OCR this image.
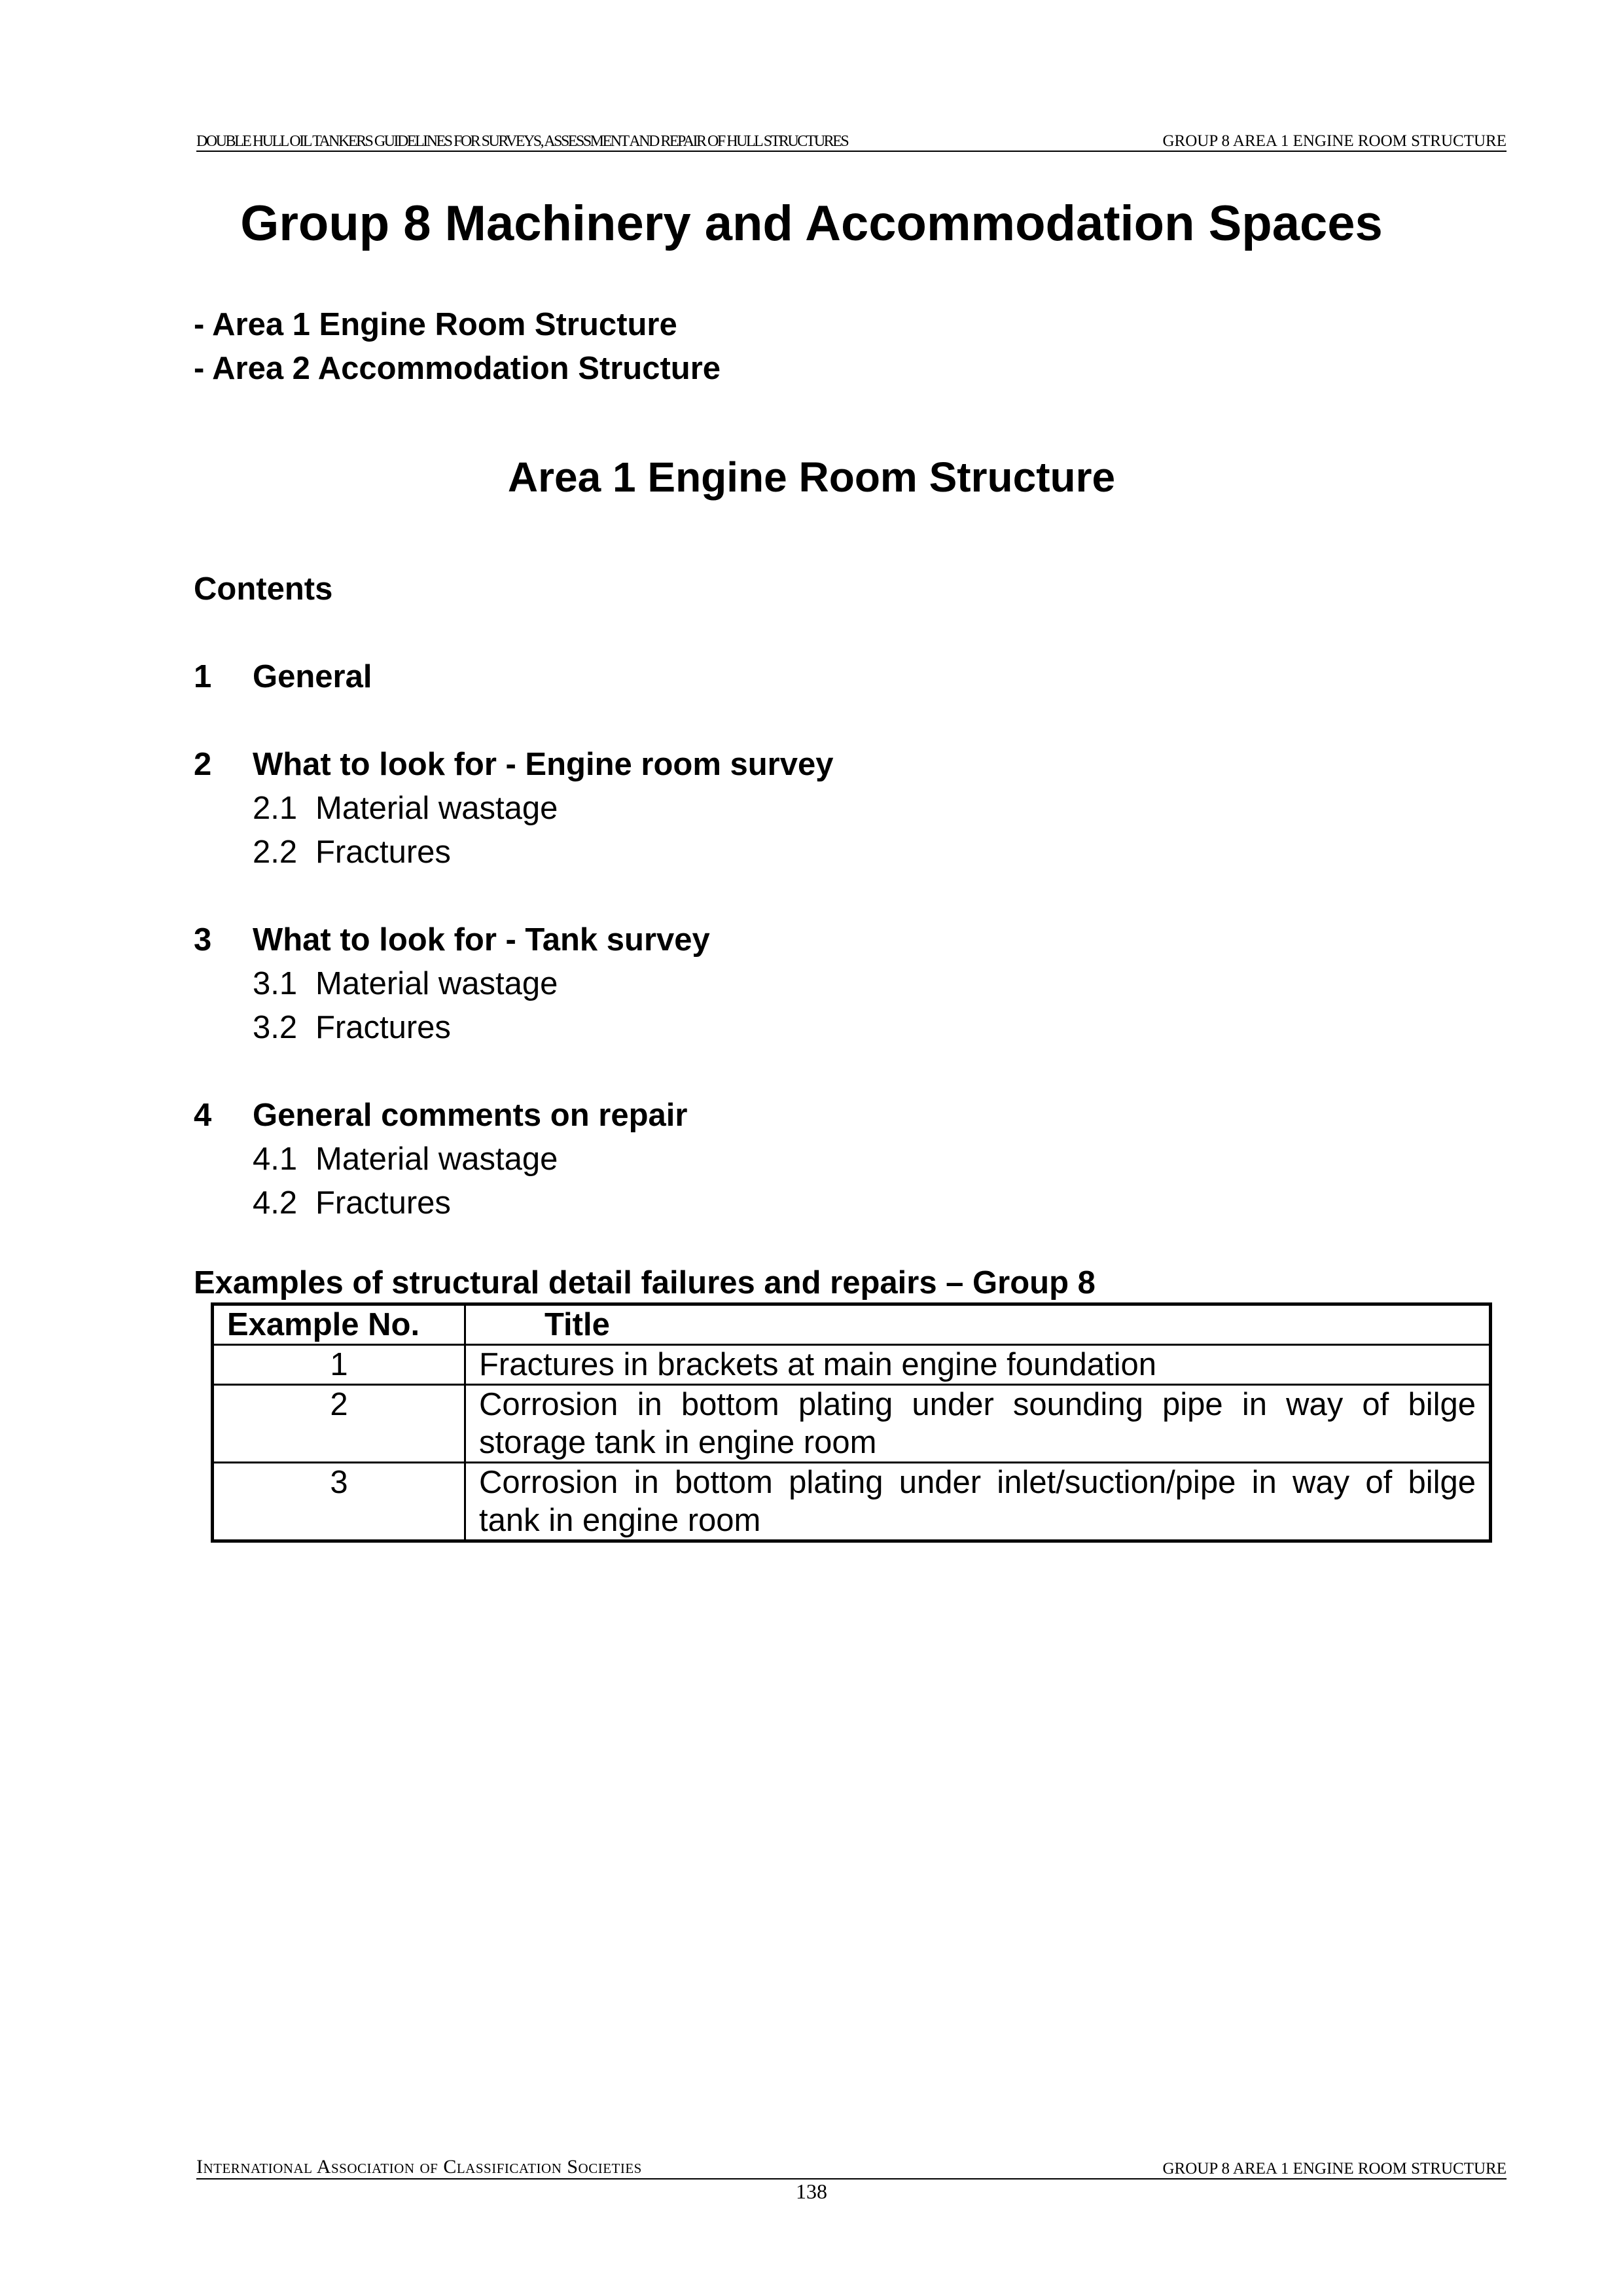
DOUBLE HULL OIL TANKERS GUIDELINES FOR SURVEYS, ASSESSMENT AND REPAIR OF HULL STRUCTURES	GROUP 8 AREA 1 ENGINE ROOM STRUCTURE
Group 8 Machinery and Accommodation Spaces
- Area 1 Engine Room Structure
- Area 2 Accommodation Structure
Area 1 Engine Room Structure
Contents
1	General
2	What to look for - Engine room survey
2.1 Material wastage
2.2 Fractures
3	What to look for - Tank survey
3.1 Material wastage
3.2 Fractures
4	General comments on repair
4.1 Material wastage
4.2 Fractures
Examples of structural detail failures and repairs – Group 8
Example No.	Title
1	Fractures in brackets at main engine foundation
2	Corrosion in bottom plating under sounding pipe in way of bilge storage tank in engine room
3	Corrosion in bottom plating under inlet/suction/pipe in way of bilge tank in engine room
International Association of Classification Societies	GROUP 8 AREA 1 ENGINE ROOM STRUCTURE
138
